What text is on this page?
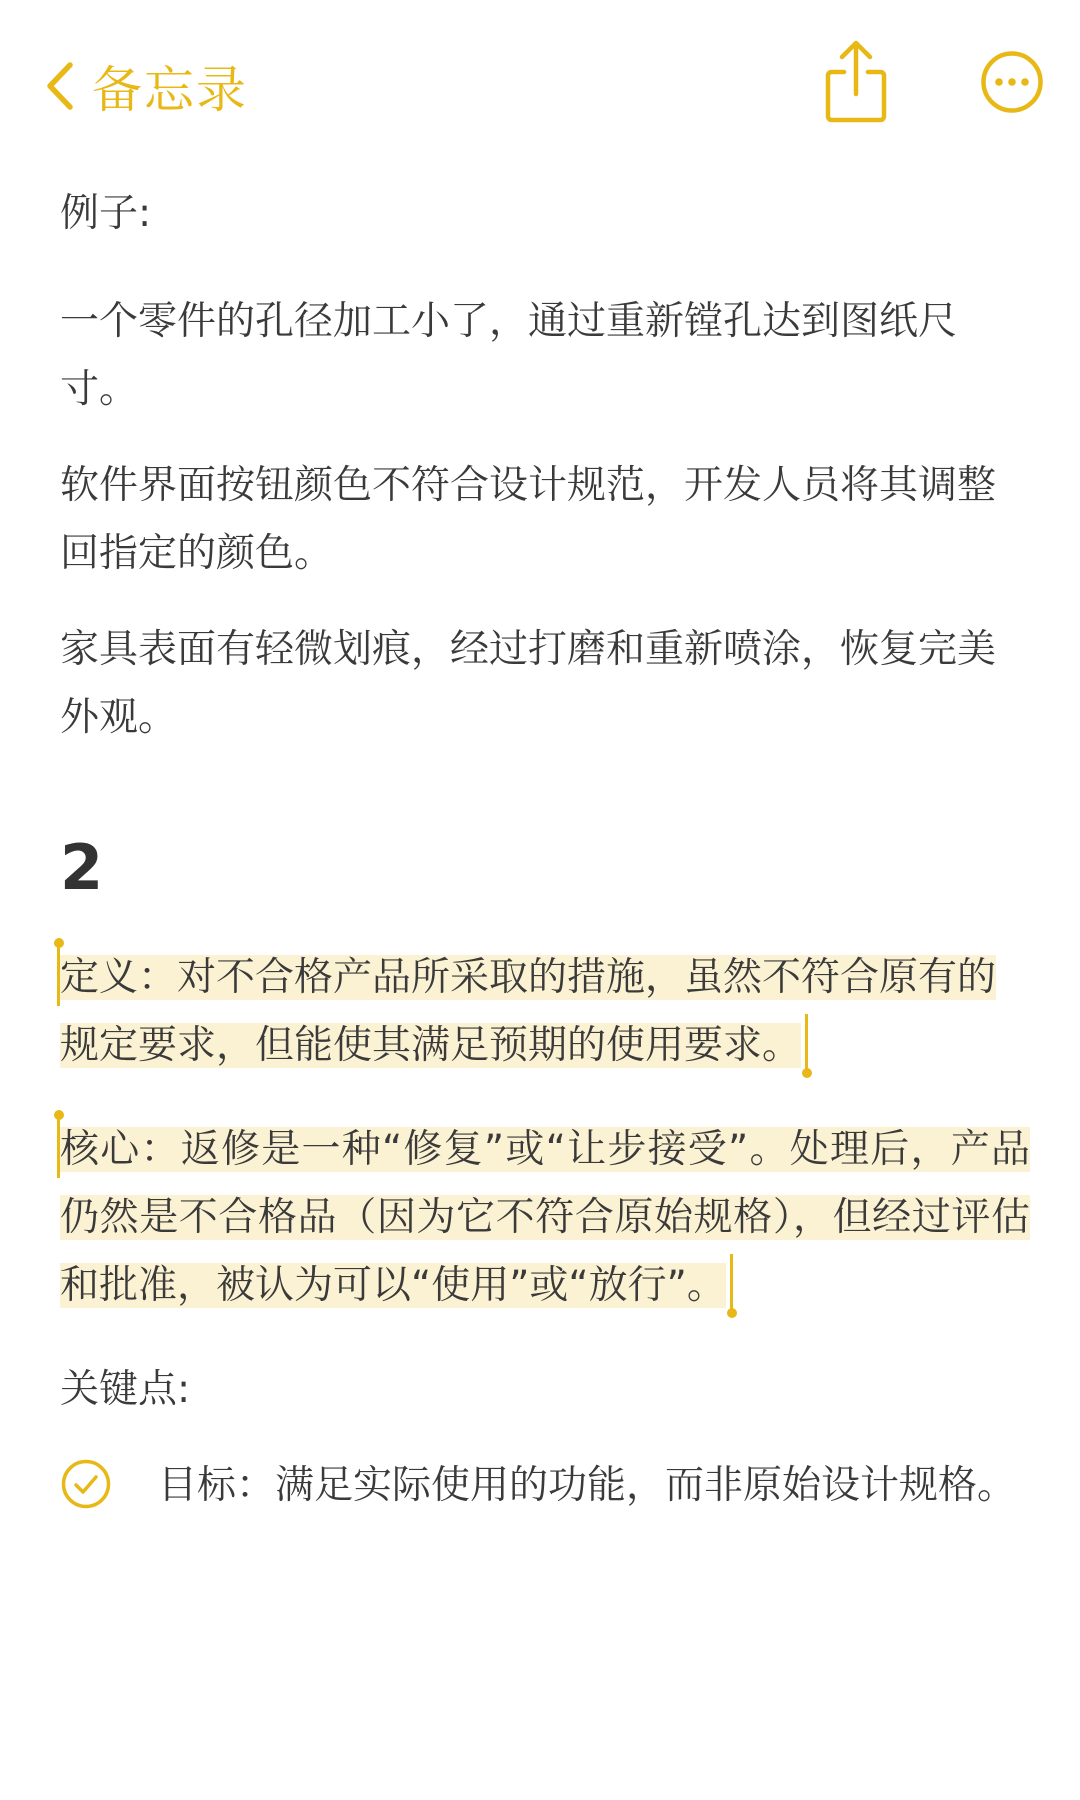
备忘录
例子:
一个零件的孔径加工小了，通过重新镗孔达到图纸尺寸。
软件界面按钮颜色不符合设计规范，开发人员将其调整回指定的颜色。
家具表面有轻微划痕，经过打磨和重新喷涂，恢复完美外观。
2
定义：对不合格产品所采取的措施，虽然不符合原有的规定要求，但能使其满足预期的使用要求。
核心：返修是一种“修复”或“让步接受”。处理后，产品仍然是不合格品（因为它不符合原始规格），但经过评估和批准，被认为可以“使用”或“放行”。
关键点:
目标：满足实际使用的功能，而非原始设计规格。
